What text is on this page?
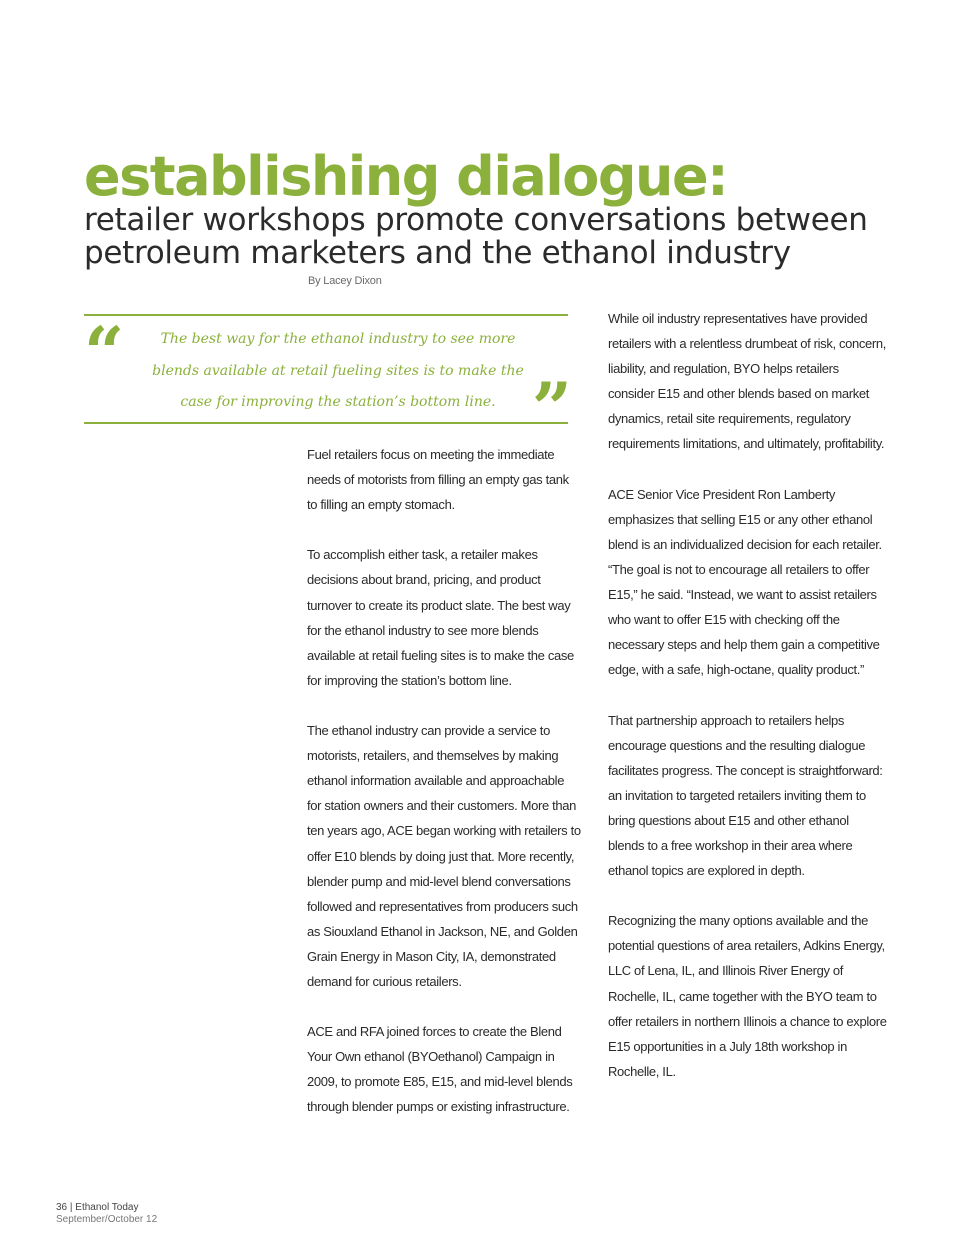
establishing dialogue:
retailer workshops promote conversations between
petroleum marketers and the ethanol industry
By Lacey Dixon
“	The best way for the ethanol industry to see more blends available at retail fueling sites is to make the case for improving the station’s bottom line. ”

Fuel retailers focus on meeting the immediate needs of motorists from filling an empty gas tank to filling an empty stomach.

To accomplish either task, a retailer makes decisions about brand, pricing, and product turnover to create its product slate. The best way for the ethanol industry to see more blends available at retail fueling sites is to make the case for improving the station’s bottom line.

The ethanol industry can provide a service to motorists, retailers, and themselves by making ethanol information available and approachable for station owners and their customers. More than ten years ago, ACE began working with retailers to offer E10 blends by doing just that. More recently, blender pump and mid-level blend conversations followed and representatives from producers such as Siouxland Ethanol in Jackson, NE, and Golden Grain Energy in Mason City, IA, demonstrated demand for curious retailers.

ACE and RFA joined forces to create the Blend Your Own ethanol (BYOethanol) Campaign in 2009, to promote E85, E15, and mid-level blends through blender pumps or existing infrastructure.

While oil industry representatives have provided retailers with a relentless drumbeat of risk, concern, liability, and regulation, BYO helps retailers consider E15 and other blends based on market dynamics, retail site requirements, regulatory requirements limitations, and ultimately, profitability.

ACE Senior Vice President Ron Lamberty emphasizes that selling E15 or any other ethanol blend is an individualized decision for each retailer. “The goal is not to encourage all retailers to offer E15,” he said. “Instead, we want to assist retailers who want to offer E15 with checking off the necessary steps and help them gain a competitive edge, with a safe, high-octane, quality product.”

That partnership approach to retailers helps encourage questions and the resulting dialogue facilitates progress. The concept is straightforward: an invitation to targeted retailers inviting them to bring questions about E15 and other ethanol blends to a free workshop in their area where ethanol topics are explored in depth.

Recognizing the many options available and the potential questions of area retailers, Adkins Energy, LLC of Lena, IL, and Illinois River Energy of Rochelle, IL, came together with the BYO team to offer retailers in northern Illinois a chance to explore E15 opportunities in a July 18th workshop in Rochelle, IL.

36 | Ethanol Today
September/October 12
